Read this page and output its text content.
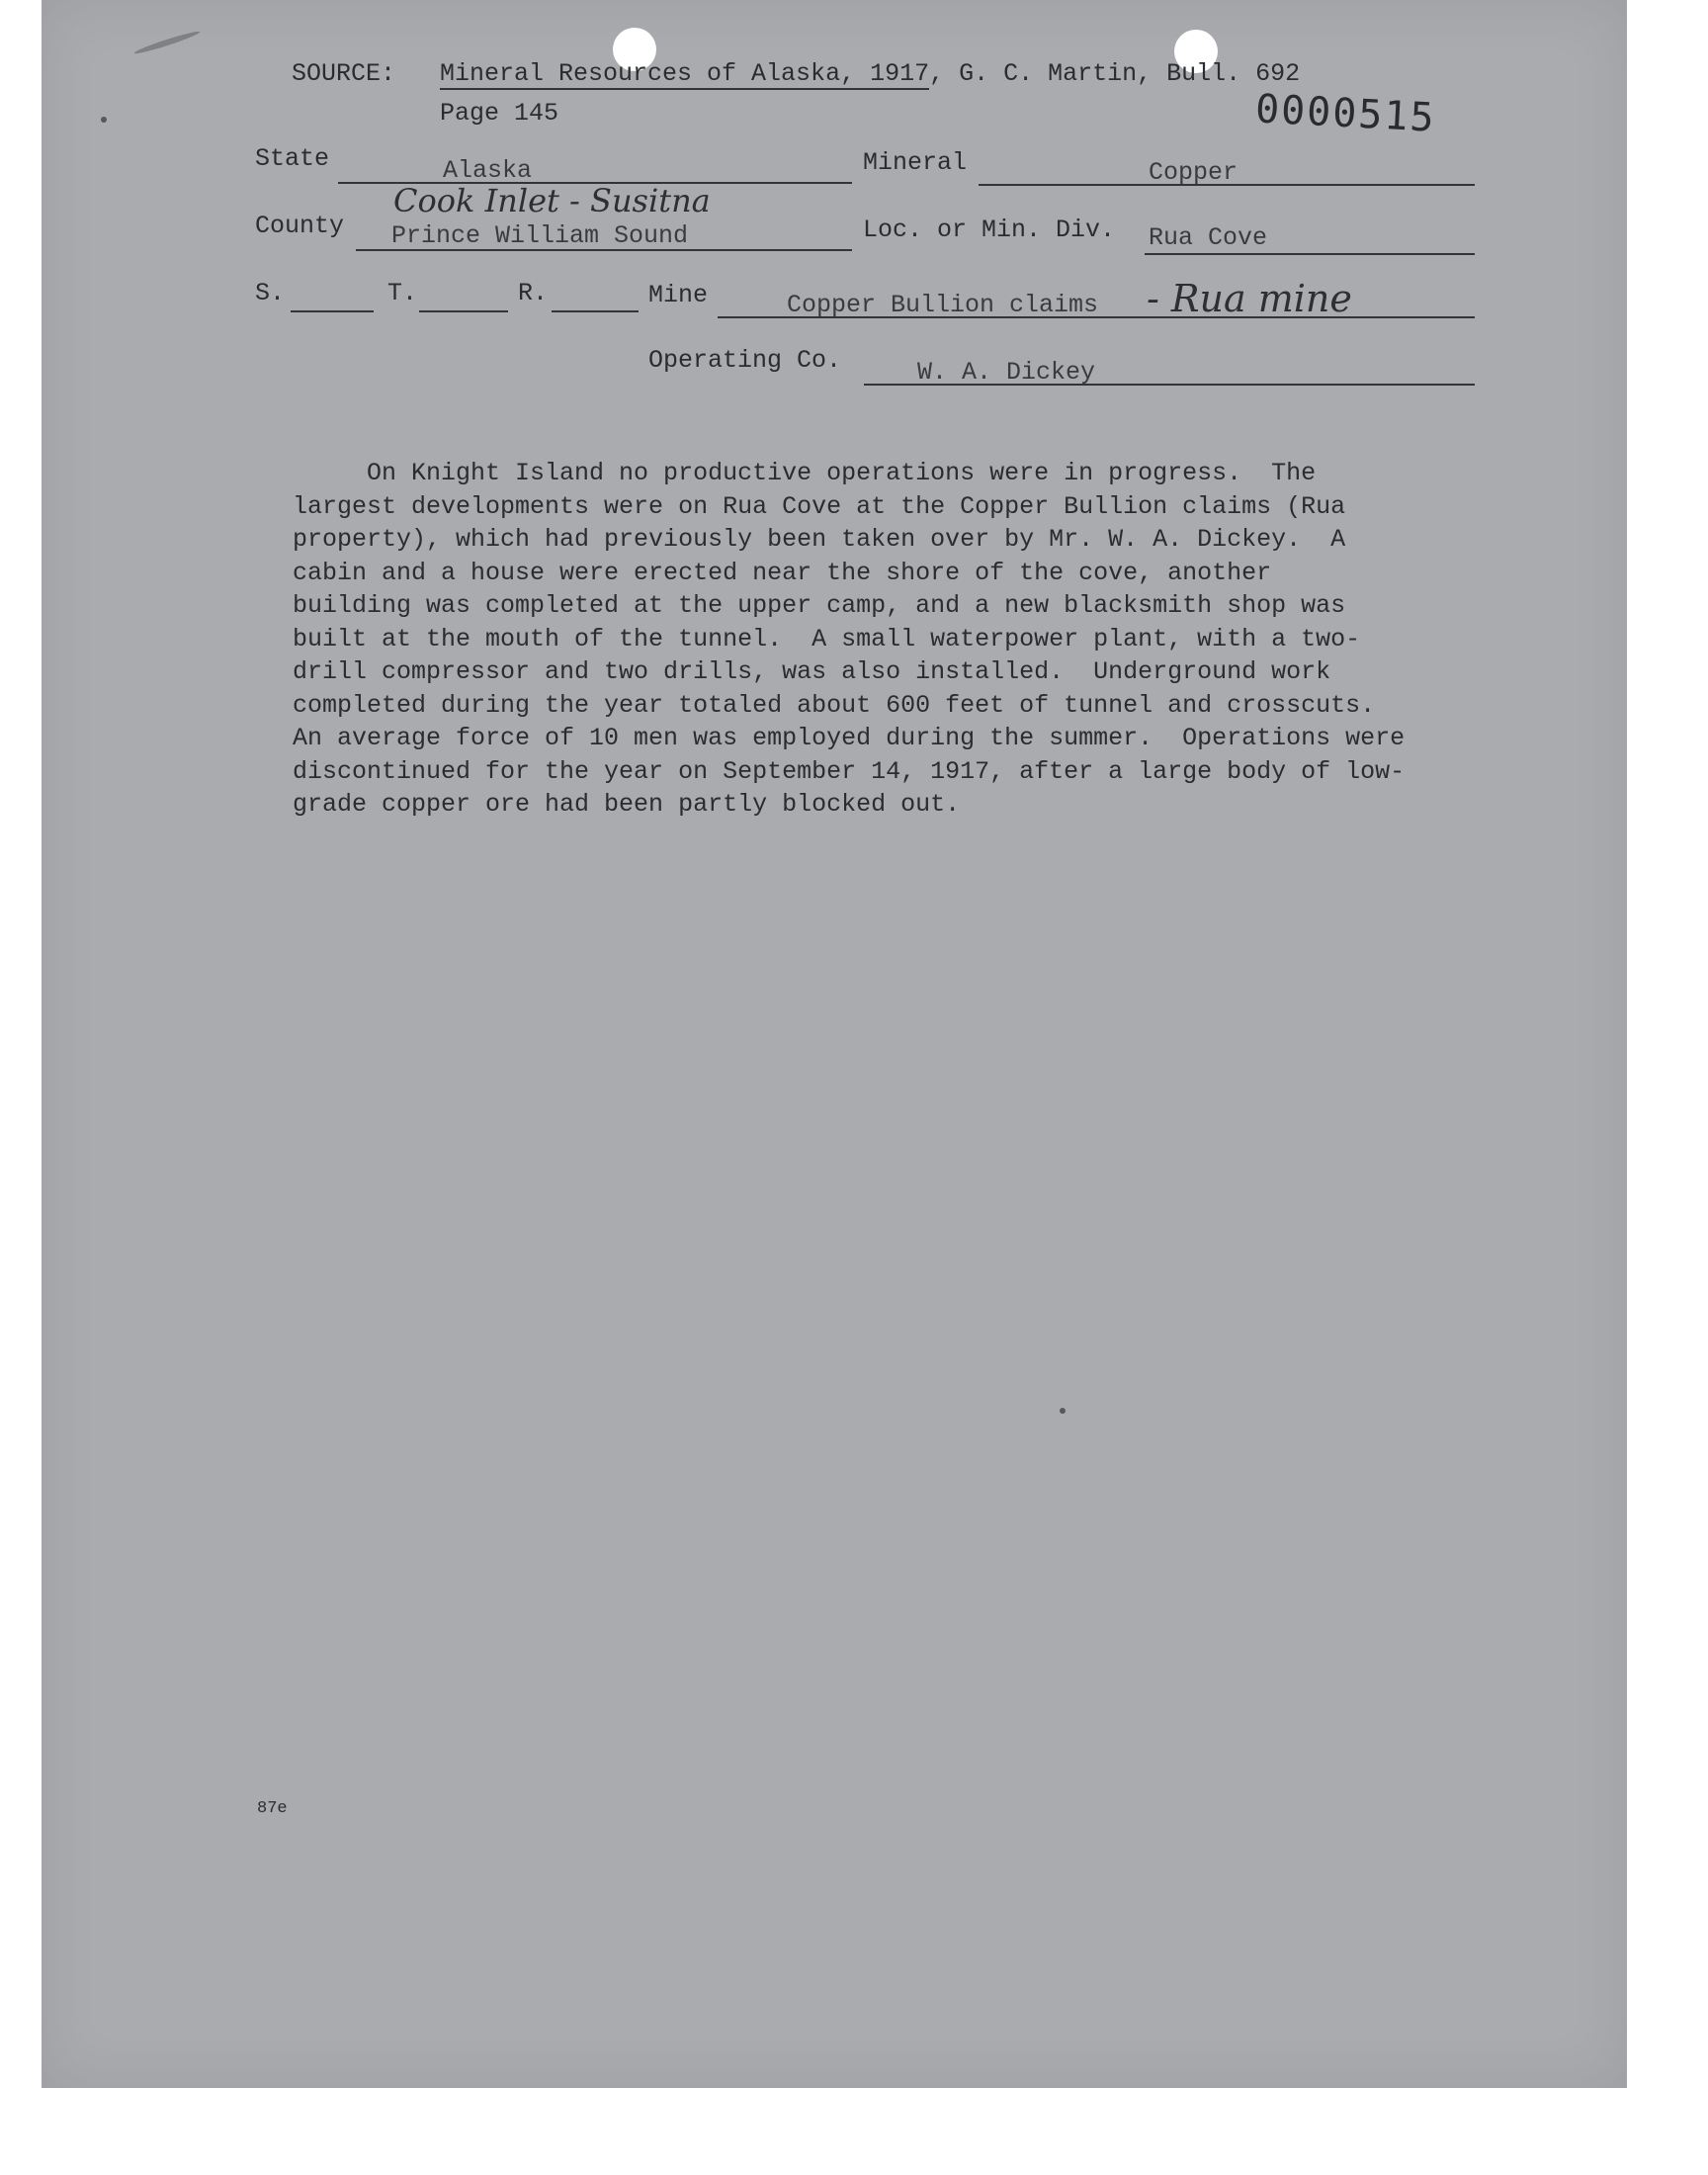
SOURCE: Mineral Resources of Alaska, 1917, G. C. Martin, Bull. 692
Page 145	0000515
State	Alaska	Mineral	Copper
Cook Inlet - Susitna
County Prince William Sound	Loc. or Min. Div. Rua Cove
S.	T.	R.	Mine	Copper Bullion claims - Rua mine
Operating Co.	W. A. Dickey
On Knight Island no productive operations were in progress.  The
largest developments were on Rua Cove at the Copper Bullion claims (Rua
property), which had previously been taken over by Mr. W. A. Dickey.  A
cabin and a house were erected near the shore of the cove, another
building was completed at the upper camp, and a new blacksmith shop was
built at the mouth of the tunnel.  A small waterpower plant, with a two-
drill compressor and two drills, was also installed.  Underground work
completed during the year totaled about 600 feet of tunnel and crosscuts.
An average force of 10 men was employed during the summer.  Operations were
discontinued for the year on September 14, 1917, after a large body of low-
grade copper ore had been partly blocked out.
87e
